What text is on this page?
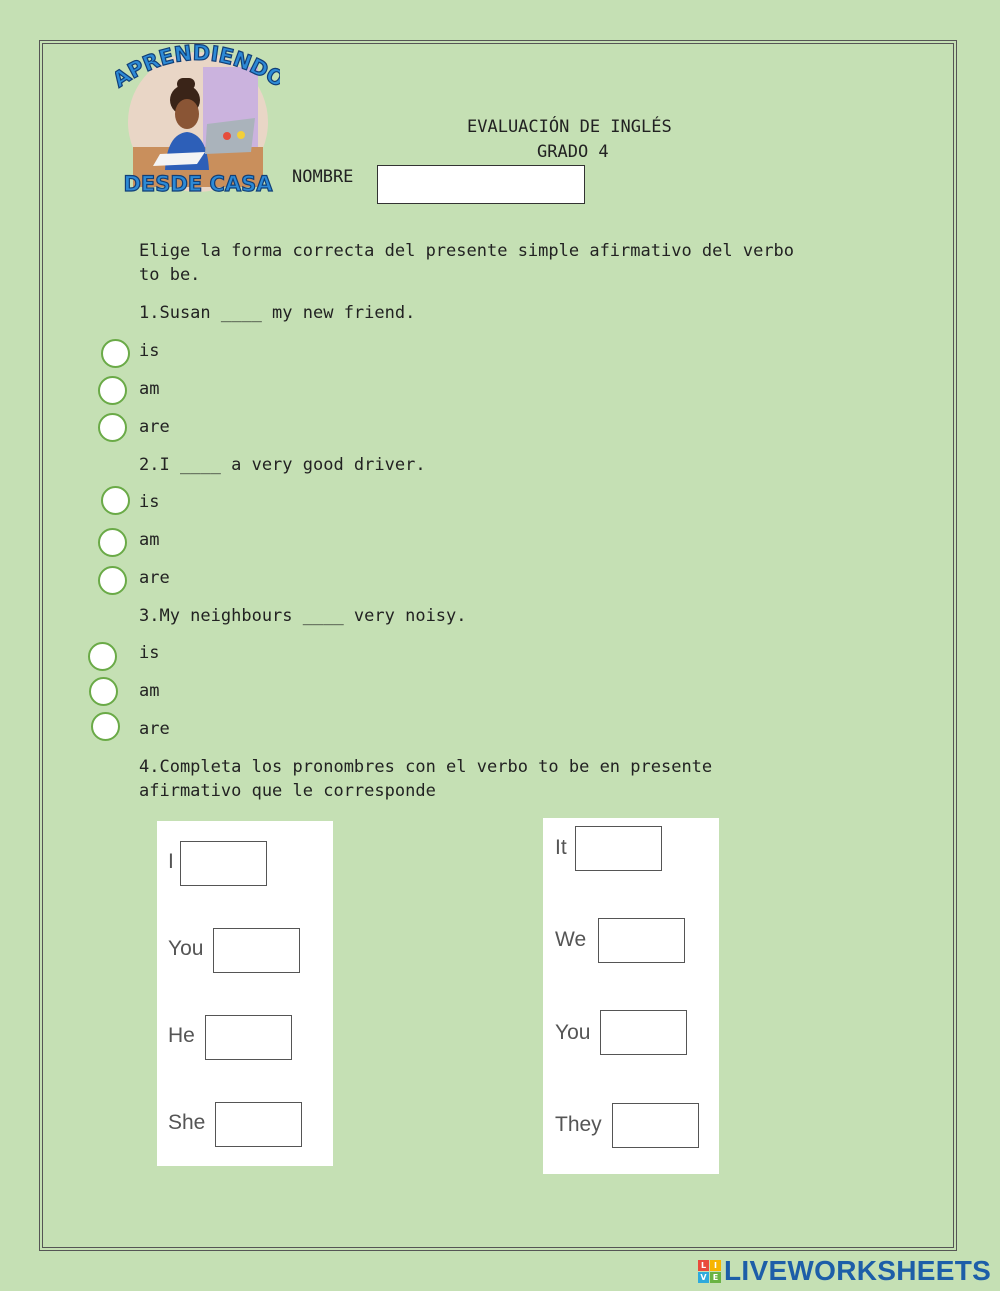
PRENDIEND
DESDE CASA
EVALUACIÓN DE INGLÉS
GRADO 4
NOMBRE
Elige la forma correcta del presente simple afirmativo del verbo
to be.
1.Susan ____ my new friend.
is
am
are
2.I ____ a very good driver.
is
am
are
3.My neighbours ____ very noisy.
is
am
are
4.Completa los pronombres con el verbo to be en presente
afirmativo que le corresponde
I
You
He
She
It
We
You
They
L I
V E LIVEWORKSHEETS
